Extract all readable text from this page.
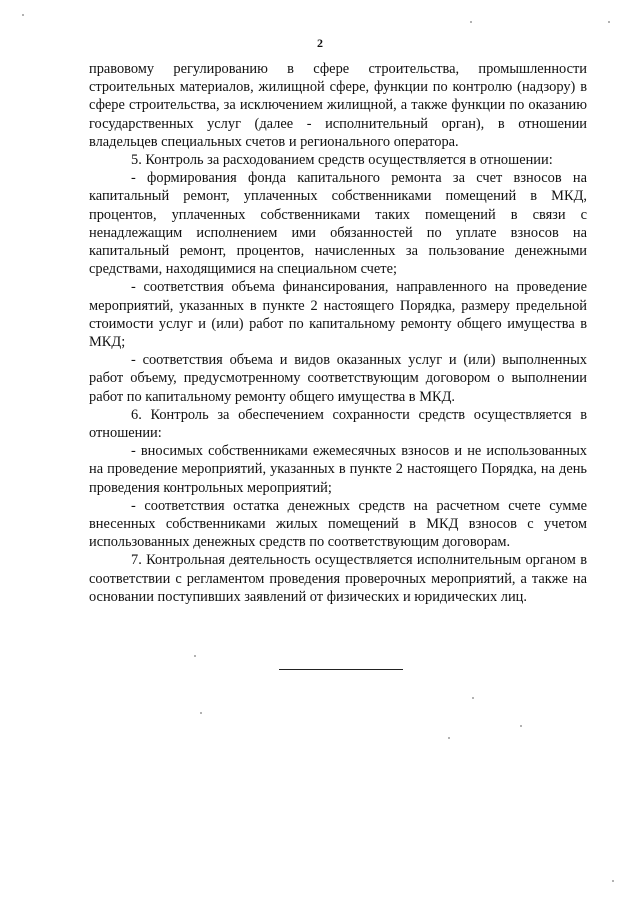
2

правовому регулированию в сфере строительства, промышленности строительных материалов, жилищной сфере, функции по контролю (надзору) в сфере строительства, за исключением жилищной, а также функции по оказанию государственных услуг (далее - исполнительный орган), в отношении владельцев специальных счетов и регионального оператора.

5. Контроль за расходованием средств осуществляется в отношении:

- формирования фонда капитального ремонта за счет взносов на капитальный ремонт, уплаченных собственниками помещений в МКД, процентов, уплаченных собственниками таких помещений в связи с ненадлежащим исполнением ими обязанностей по уплате взносов на капитальный ремонт, процентов, начисленных за пользование денежными средствами, находящимися на специальном счете;

- соответствия объема финансирования, направленного на проведение мероприятий, указанных в пункте 2 настоящего Порядка, размеру предельной стоимости услуг и (или) работ по капитальному ремонту общего имущества в МКД;

- соответствия объема и видов оказанных услуг и (или) выполненных работ объему, предусмотренному соответствующим договором о выполнении работ по капитальному ремонту общего имущества в МКД.

6. Контроль за обеспечением сохранности средств осуществляется в отношении:

- вносимых собственниками ежемесячных взносов и не использованных на проведение мероприятий, указанных в пункте 2 настоящего Порядка, на день проведения контрольных мероприятий;

- соответствия остатка денежных средств на расчетном счете сумме внесенных собственниками жилых помещений в МКД взносов с учетом использованных денежных средств по соответствующим договорам.

7. Контрольная деятельность осуществляется исполнительным органом в соответствии с регламентом проведения проверочных мероприятий, а также на основании поступивших заявлений от физических и юридических лиц.
